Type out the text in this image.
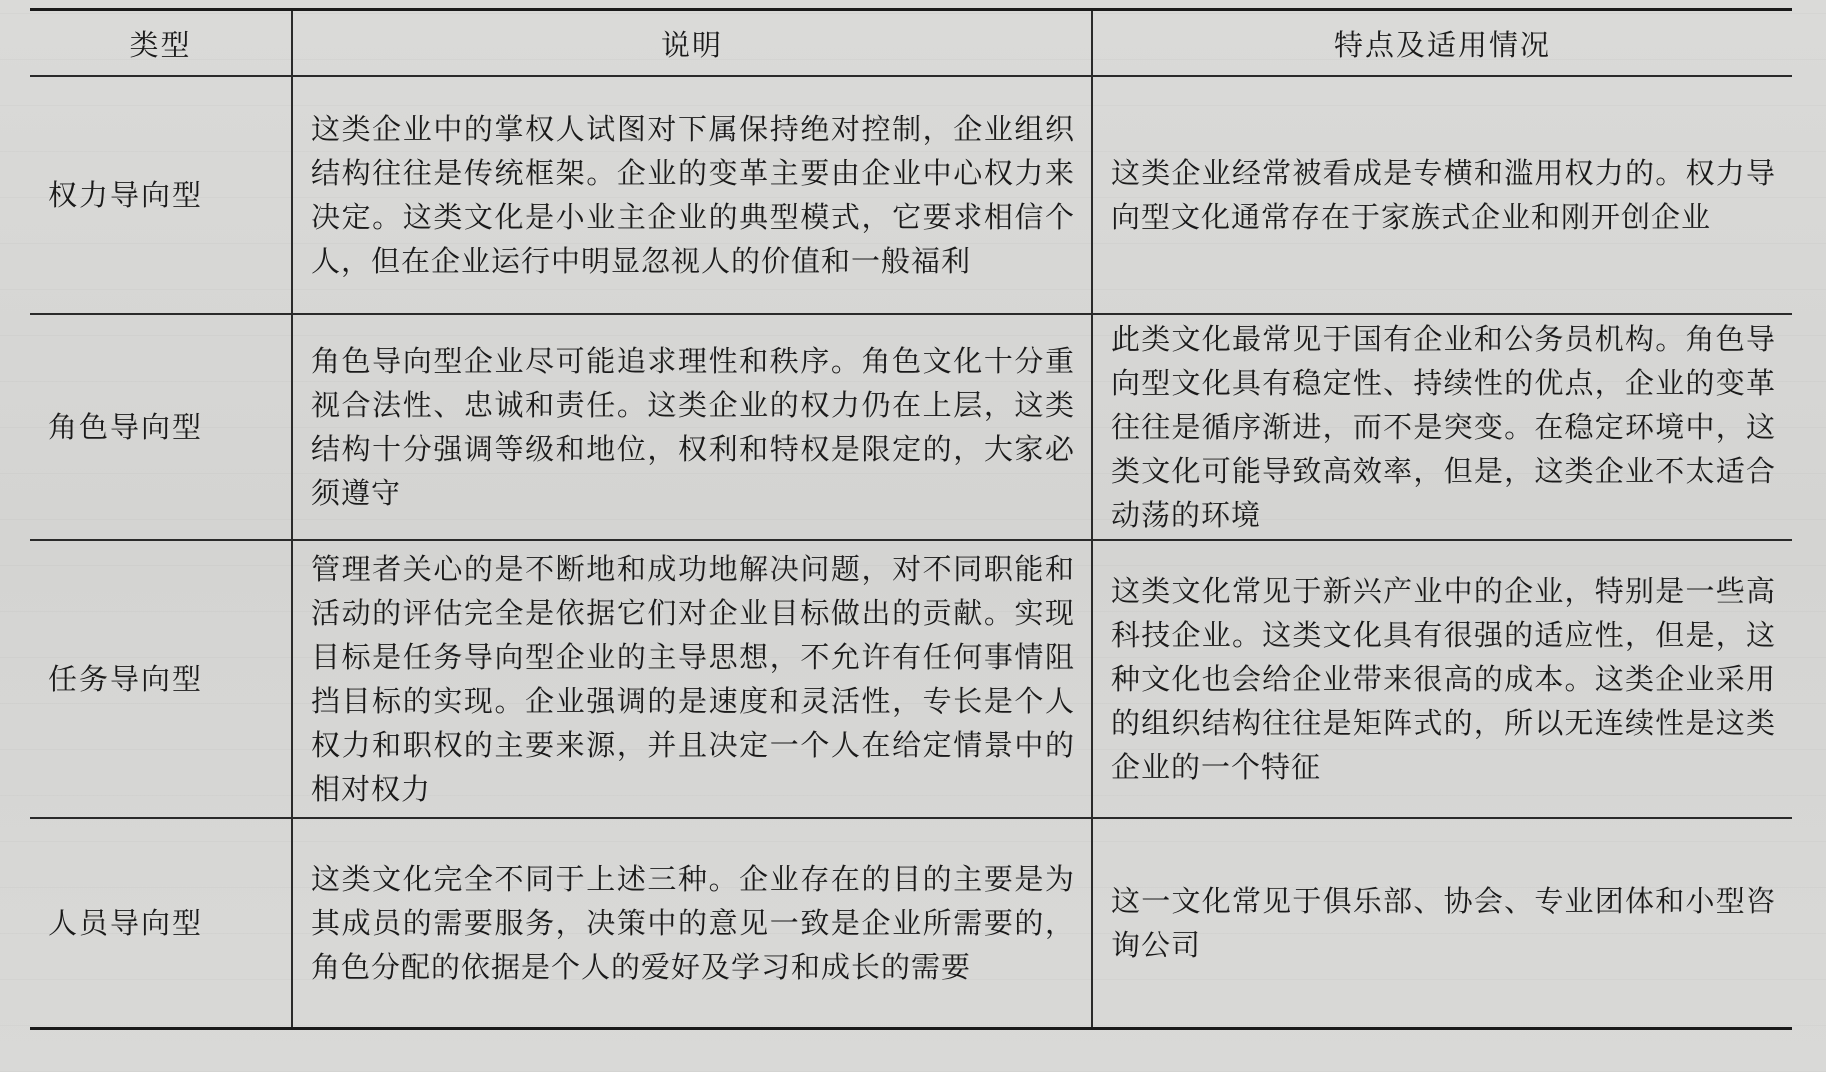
类型	说明	特点及适用情况
权力导向型	这类企业中的掌权人试图对下属保持绝对控制，企业组织结构往往是传统框架。企业的变革主要由企业中心权力来决定。这类文化是小业主企业的典型模式，它要求相信个人，但在企业运行中明显忽视人的价值和一般福利	这类企业经常被看成是专横和滥用权力的。权力导向型文化通常存在于家族式企业和刚开创企业
角色导向型	角色导向型企业尽可能追求理性和秩序。角色文化十分重视合法性、忠诚和责任。这类企业的权力仍在上层，这类结构十分强调等级和地位，权利和特权是限定的，大家必须遵守	此类文化最常见于国有企业和公务员机构。角色导向型文化具有稳定性、持续性的优点，企业的变革往往是循序渐进，而不是突变。在稳定环境中，这类文化可能导致高效率，但是，这类企业不太适合动荡的环境
任务导向型	管理者关心的是不断地和成功地解决问题，对不同职能和活动的评估完全是依据它们对企业目标做出的贡献。实现目标是任务导向型企业的主导思想，不允许有任何事情阻挡目标的实现。企业强调的是速度和灵活性，专长是个人权力和职权的主要来源，并且决定一个人在给定情景中的相对权力	这类文化常见于新兴产业中的企业，特别是一些高科技企业。这类文化具有很强的适应性，但是，这种文化也会给企业带来很高的成本。这类企业采用的组织结构往往是矩阵式的，所以无连续性是这类企业的一个特征
人员导向型	这类文化完全不同于上述三种。企业存在的目的主要是为其成员的需要服务，决策中的意见一致是企业所需要的，角色分配的依据是个人的爱好及学习和成长的需要	这一文化常见于俱乐部、协会、专业团体和小型咨询公司
